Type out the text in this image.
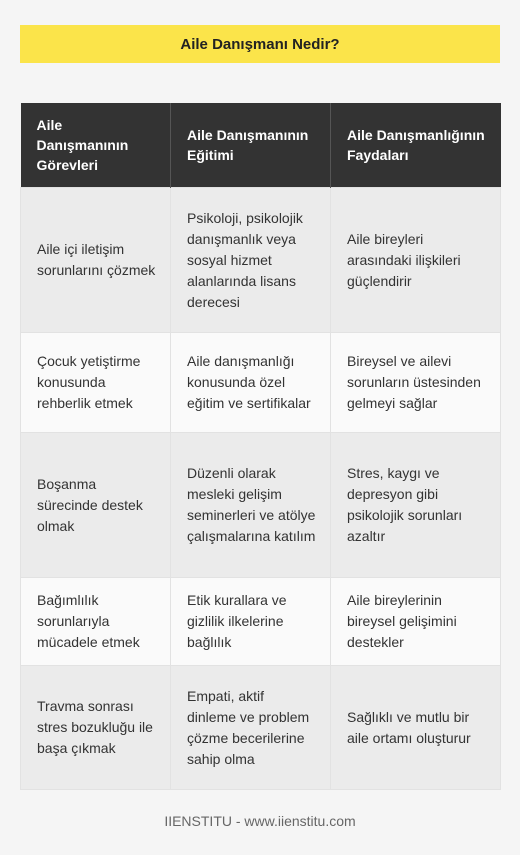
Aile Danışmanı Nedir?
Aile Danışmanının Görevleri	Aile Danışmanının Eğitimi	Aile Danışmanlığının Faydaları
Aile içi iletişim sorunlarını çözmek	Psikoloji, psikolojik danışmanlık veya sosyal hizmet alanlarında lisans derecesi	Aile bireyleri arasındaki ilişkileri güçlendirir
Çocuk yetiştirme konusunda rehberlik etmek	Aile danışmanlığı konusunda özel eğitim ve sertifikalar	Bireysel ve ailevi sorunların üstesinden gelmeyi sağlar
Boşanma sürecinde destek olmak	Düzenli olarak mesleki gelişim seminerleri ve atölye çalışmalarına katılım	Stres, kaygı ve depresyon gibi psikolojik sorunları azaltır
Bağımlılık sorunlarıyla mücadele etmek	Etik kurallara ve gizlilik ilkelerine bağlılık	Aile bireylerinin bireysel gelişimini destekler
Travma sonrası stres bozukluğu ile başa çıkmak	Empati, aktif dinleme ve problem çözme becerilerine sahip olma	Sağlıklı ve mutlu bir aile ortamı oluşturur
IIENSTITU - www.iienstitu.com
